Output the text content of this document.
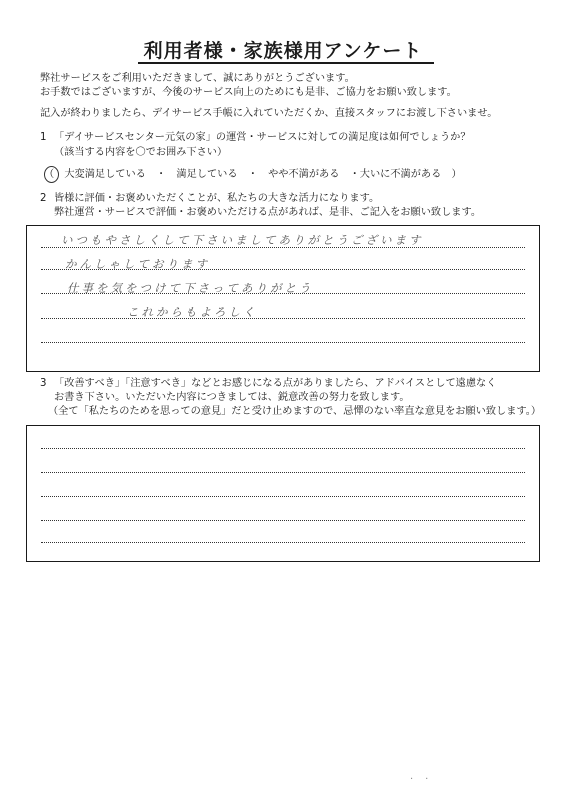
利用者様・家族様用アンケート
弊社サービスをご利用いただきまして、誠にありがとうございます。
お手数ではございますが、今後のサービス向上のためにも是非、ご協力をお願い致します。
記入が終わりましたら、デイサービス手帳に入れていただくか、直接スタッフにお渡し下さいませ。
1 「デイサービスセンター元気の家」の運営・サービスに対しての満足度は如何でしょうか？
（該当する内容を〇でお囲み下さい）
（　大変満足している　・　満足している　・　やや不満がある　・大いに不満がある　）
2 皆様に評価・お褒めいただくことが、私たちの大きな活力になります。
弊社運営・サービスで評価・お褒めいただける点があれば、是非、ご記入をお願い致します。
いつもやさしくして下さいましてありがとうございます
かんしゃしております
仕事を気をつけて下さってありがとう
これからもよろしく
3 「改善すべき」「注意すべき」などとお感じになる点がありましたら、アドバイスとして遠慮なく
お書き下さい。いただいた内容につきましては、鋭意改善の努力を致します。
（全て「私たちのためを思っての意見」だと受け止めますので、忌憚のない率直な意見をお願い致します。）
·　·
